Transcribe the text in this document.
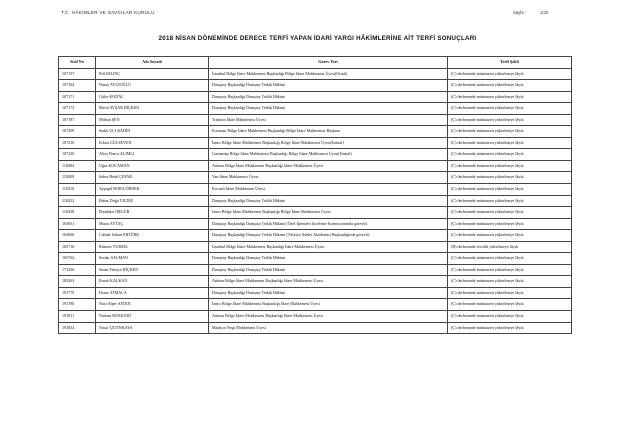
T.C. HÂKİMLER VE SAVCILAR KURULU	Sayfa :	1/33
2018 NİSAN DÖNEMİNDE DERECE TERFİ YAPAN İDARİ YARGI HÂKİMLERİNE AİT TERFİ SONUÇLARI
Sicil No	Adı Soyadı	Görev Yeri	Terfi Şekli
107157	Elif KILINÇ	İstanbul Bölge İdare Mahkemesi Başkanlığı Bölge İdare Mahkemesi Üyesi(Ortalı)	(C) derbeninde mümtazen yükselmeye lâyık
107164	Nuray AYCİOĞLU	Danıştay Başkanlığı Danıştay Tetkik Hâkimi	(C) derbeninde mümtazen yükselmeye lâyık
107171	Güler KODAL	Danıştay Başkanlığı Danıştay Tetkik Hâkimi	(C) derbeninde mümtazen yükselmeye lâyık
107173	Meral AVŞAR BİÇKEN	Danıştay Başkanlığı Danıştay Tetkik Hâkimi	(C) derbeninde mümtazen yükselmeye lâyık
107187	Mithan ŞEN	Trabzon İdare Mahkemesi Üyesi	(C) derbeninde mümtazen yükselmeye lâyık
107208	Sadık ULUŞAHİN	Erzurum Bölge İdare Mahkemesi Başkanlığı Bölge İdare Mahkemesi Başkanı	(C) derbeninde mümtazen yükselmeye lâyık
107210	Erkan GÜLSEVEN	İzmir Bölge İdare Mahkemesi Başkanlığı Bölge İdare Mahkemesi Üyesi(İstinaf)	(C) derbeninde mümtazen yükselmeye lâyık
107220	Aliye Burcu ALIMLI	Gaziantep Bölge İdare Mahkemesi Başkanlığı Bölge İdare Mahkemesi Üyesi(İstinaf)	(C) derbeninde mümtazen yükselmeye lâyık
118404	Uğur KOCAMAN	Ankara Bölge İdare Mahkemesi Başkanlığı İdare Mahkemesi Üyesi	(C) derbeninde mümtazen yükselmeye lâyık
118409	Sabra Betül ÇINAR	Van İdare Mahkemesi Üyesi	(C) derbeninde mümtazen yükselmeye lâyık
118410	Ayşegül BORA ÖRNEK	Kocaeli İdare Mahkemesi Üyesi	(C) derbeninde mümtazen yükselmeye lâyık
118422	Bahar Doğa YILDIZ	Danıştay Başkanlığı Danıştay Tetkik Hâkimi	(C) derbeninde mümtazen yükselmeye lâyık
118438	Ebubekir ÖRGÜR	İzmir Bölge İdare Mahkemesi Başkanlığı Bölge İdare Mahkemesi Üyesi	(C) derbeninde mümtazen yükselmeye lâyık
163651	Murat AYTAÇ	Danıştay Başkanlığı Danıştay Tetkik Hâkimi (Özel İşlemleri İnceleme Komisyonunda görevli)	(C) derbeninde mümtazen yükselmeye lâyık
163666	Cahide Sultan ERTÜRK	Danıştay Başkanlığı Danıştay Tetkik Hâkimi (Türkiye Adalet Akademisi Başkanlığında görevli)	(C) derbeninde mümtazen yükselmeye lâyık
165716	Rüstem VURSEL	İstanbul Bölge İdare Mahkemesi Başkanlığı İdare Mahkemesi Üyesi	(B) derbeninde tercihli yükselmeye lâyık
165762	Serdar SALMAN	Danıştay Başkanlığı Danıştay Tetkik Hâkimi	(C) derbeninde mümtazen yükselmeye lâyık
173436	Sinan Fahriye BİÇKEN	Danıştay Başkanlığı Danıştay Tetkik Hâkimi	(C) derbeninde mümtazen yükselmeye lâyık
182263	Burak KALKAN	Ankara Bölge İdare Mahkemesi Başkanlığı İdare Mahkemesi Üyesi	(C) derbeninde mümtazen yükselmeye lâyık
191779	Deniz ATMACA	Danıştay Başkanlığı Danıştay Tetkik Hâkimi	(C) derbeninde mümtazen yükselmeye lâyık
191780	Nazi Alper AYDIN	İzmir Bölge İdare Mahkemesi Başkanlığı İdare Mahkemesi Üyesi	(C) derbeninde mümtazen yükselmeye lâyık
191811	Nurhan BOZKURT	Ankara Bölge İdare Mahkemesi Başkanlığı İdare Mahkemesi Üyesi	(C) derbeninde mümtazen yükselmeye lâyık
191834	Yusuf ÇETİNKAYA	Malatya Vergi Mahkemesi Üyesi	(C) derbeninde mümtazen yükselmeye lâyık
